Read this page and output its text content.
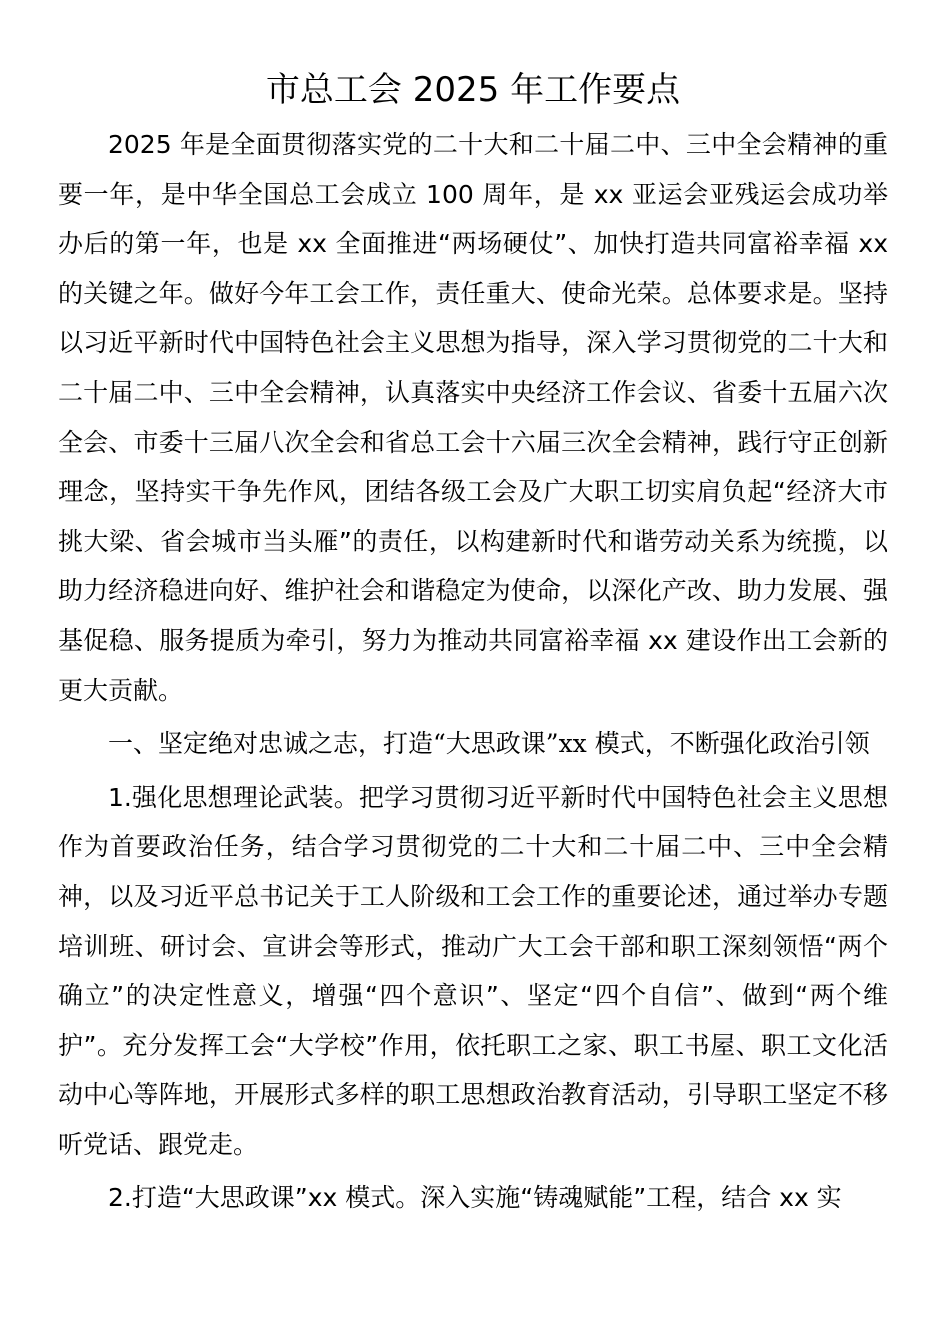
市总工会 2025 年工作要点

2025 年是全面贯彻落实党的二十大和二十届二中、三中全会精神的重要一年，是中华全国总工会成立 100 周年，是 xx 亚运会亚残运会成功举办后的第一年，也是 xx 全面推进“两场硬仗”、加快打造共同富裕幸福 xx 的关键之年。做好今年工会工作，责任重大、使命光荣。总体要求是。坚持以习近平新时代中国特色社会主义思想为指导，深入学习贯彻党的二十大和二十届二中、三中全会精神，认真落实中央经济工作会议、省委十五届六次全会、市委十三届八次全会和省总工会十六届三次全会精神，践行守正创新理念，坚持实干争先作风，团结各级工会及广大职工切实肩负起“经济大市挑大梁、省会城市当头雁”的责任，以构建新时代和谐劳动关系为统揽，以助力经济稳进向好、维护社会和谐稳定为使命，以深化产改、助力发展、强基促稳、服务提质为牵引，努力为推动共同富裕幸福 xx 建设作出工会新的更大贡献。

一、坚定绝对忠诚之志，打造“大思政课”xx 模式，不断强化政治引领

1.强化思想理论武装。把学习贯彻习近平新时代中国特色社会主义思想作为首要政治任务，结合学习贯彻党的二十大和二十届二中、三中全会精神，以及习近平总书记关于工人阶级和工会工作的重要论述，通过举办专题培训班、研讨会、宣讲会等形式，推动广大工会干部和职工深刻领悟“两个确立”的决定性意义，增强“四个意识”、坚定“四个自信”、做到“两个维护”。充分发挥工会“大学校”作用，依托职工之家、职工书屋、职工文化活动中心等阵地，开展形式多样的职工思想政治教育活动，引导职工坚定不移听党话、跟党走。

2.打造“大思政课”xx 模式。深入实施“铸魂赋能”工程，结合 xx 实
